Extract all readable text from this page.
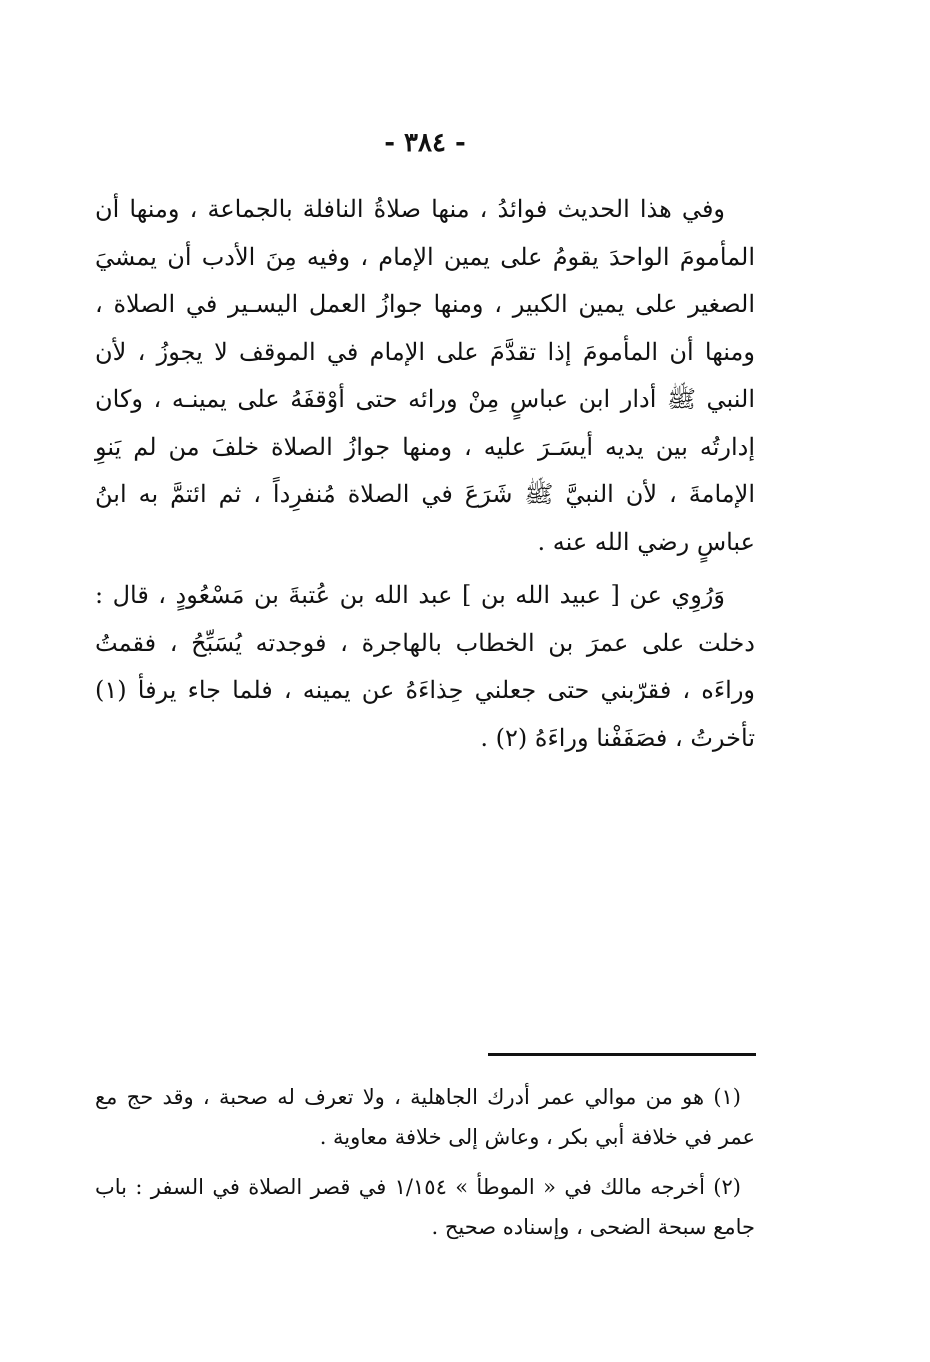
- ٣٨٤ -

وفي هذا الحديث فوائدُ ، منها صلاةُ النافلة بالجماعة ، ومنها أن المأمومَ الواحدَ يقومُ على يمين الإمام ، وفيه مِنَ الأدب أن يمشيَ الصغير على يمين الكبير ، ومنها جوازُ العمل اليسـير في الصلاة ، ومنها أن المأمومَ إذا تقدَّمَ على الإمام في الموقف لا يجوزُ ، لأن النبي ﷺ أدار ابن عباسٍ مِنْ ورائه حتى أوْقفَهُ على يمينـه ، وكان إدارتُه بين يديه أيسَـرَ عليه ، ومنها جوازُ الصلاة خلفَ من لم يَنوِ الإمامةَ ، لأن النبيَّ ﷺ شَرَعَ في الصلاة مُنفرِداً ، ثم ائتمَّ به ابنُ عباسٍ رضي الله عنه .

وَرُوِي عن [ عبيد الله بن ] عبد الله بن عُتبةَ بن مَسْعُودٍ ، قال : دخلت على عمرَ بن الخطاب بالهاجرة ، فوجدته يُسَبِّحُ ، فقمتُ وراءَه ، فقرّبني حتى جعلني حِذاءَهُ عن يمينه ، فلما جاء يرفأ (١) تأخرتُ ، فصَفَفْنا وراءَهُ (٢) .

(١) هو من موالي عمر أدرك الجاهلية ، ولا تعرف له صحبة ، وقد حج مع عمر في خلافة أبي بكر ، وعاش إلى خلافة معاوية .

(٢) أخرجه مالك في « الموطأ » ١/١٥٤ في قصر الصلاة في السفر : باب جامع سبحة الضحى ، وإسناده صحيح .
